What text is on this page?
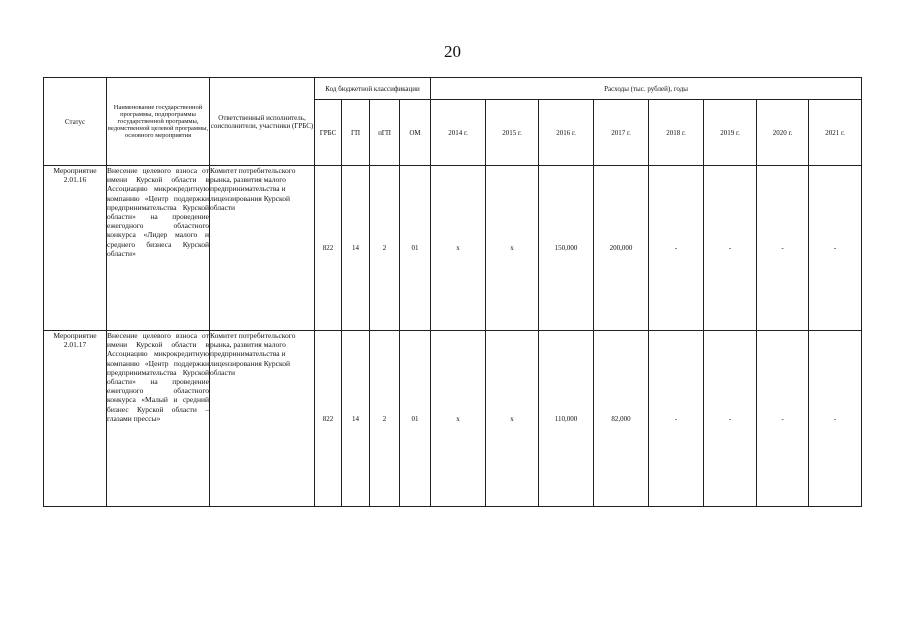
20
Статус	Наименование государственной программы, подпрограммы государственной программы, ведомственной целевой программы, основного мероприятия	Ответственный исполнитель, соисполнители, участники (ГРБС)	Код бюджетной классификации				Расходы (тыс. рублей), годы							
			ГРБС	ГП	пГП	ОМ	2014 г.	2015 г.	2016 г.	2017 г.	2018 г.	2019 г.	2020 г.	2021 г.
Мероприятие 2.01.16	Внесение целевого взноса от имени Курской области в Ассоциацию микрокредитную компанию «Центр поддержки предпринимательства Курской области» на проведение ежегодного областного конкурса «Лидер малого и среднего бизнеса Курской области»	Комитет потребительского рынка, развития малого предпринимательства и лицензирования Курской области	822	14	2	01	x	x	150,000	200,000	-	-	-	-
Мероприятие 2.01.17	Внесение целевого взноса от имени Курской области в Ассоциацию микрокредитную компанию «Центр поддержки предпринимательства Курской области» на проведение ежегодного областного конкурса «Малый и средний бизнес Курской области – глазами прессы»	Комитет потребительского рынка, развития малого предпринимательства и лицензирования Курской области	822	14	2	01	x	x	110,000	82,000	-	-	-	-
